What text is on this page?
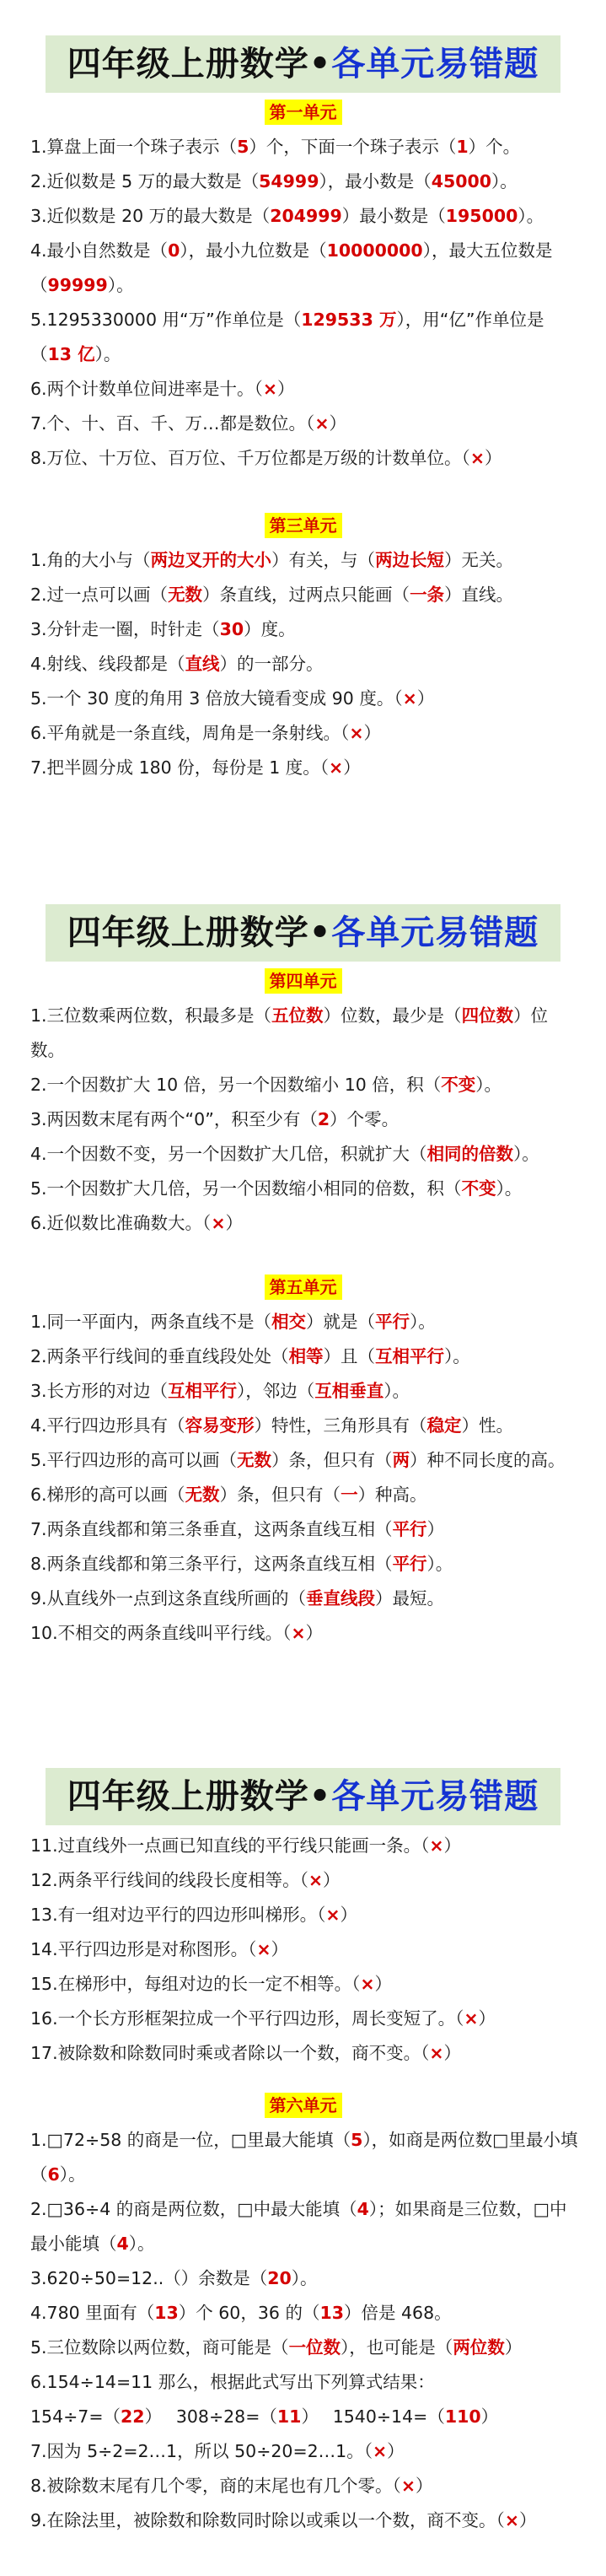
四年级上册数学•各单元易错题
第一单元

1.算盘上面一个珠子表示（5）个，下面一个珠子表示（1）个。

2.近似数是 5 万的最大数是（54999），最小数是（45000）。

3.近似数是 20 万的最大数是（204999）最小数是（195000）。

4.最小自然数是（0），最小九位数是（10000000），最大五位数是（99999）。

5.1295330000 用“万”作单位是（129533 万），用“亿”作单位是（13 亿）。

6.两个计数单位间进率是十。（×）

7.个、十、百、千、万…都是数位。（×）

8.万位、十万位、百万位、千万位都是万级的计数单位。（×）

第三单元

1.角的大小与（两边叉开的大小）有关，与（两边长短）无关。

2.过一点可以画（无数）条直线，过两点只能画（一条）直线。

3.分针走一圈，时针走（30）度。

4.射线、线段都是（直线）的一部分。

5.一个 30 度的角用 3 倍放大镜看变成 90 度。（×）

6.平角就是一条直线，周角是一条射线。（×）

7.把半圆分成 180 份，每份是 1 度。（×）

四年级上册数学•各单元易错题
第四单元

1.三位数乘两位数，积最多是（五位数）位数，最少是（四位数）位数。

2.一个因数扩大 10 倍，另一个因数缩小 10 倍，积（不变）。

3.两因数末尾有两个“0”，积至少有（2）个零。

4.一个因数不变，另一个因数扩大几倍，积就扩大（相同的倍数）。

5.一个因数扩大几倍，另一个因数缩小相同的倍数，积（不变）。

6.近似数比准确数大。（×）

第五单元

1.同一平面内，两条直线不是（相交）就是（平行）。

2.两条平行线间的垂直线段处处（相等）且（互相平行）。

3.长方形的对边（互相平行），邻边（互相垂直）。

4.平行四边形具有（容易变形）特性，三角形具有（稳定）性。

5.平行四边形的高可以画（无数）条，但只有（两）种不同长度的高。

6.梯形的高可以画（无数）条，但只有（一）种高。

7.两条直线都和第三条垂直，这两条直线互相（平行）

8.两条直线都和第三条平行，这两条直线互相（平行）。

9.从直线外一点到这条直线所画的（垂直线段）最短。

10.不相交的两条直线叫平行线。（×）

四年级上册数学•各单元易错题

11.过直线外一点画已知直线的平行线只能画一条。（×）

12.两条平行线间的线段长度相等。（×）

13.有一组对边平行的四边形叫梯形。（×）

14.平行四边形是对称图形。（×）

15.在梯形中，每组对边的长一定不相等。（×）

16.一个长方形框架拉成一个平行四边形，周长变短了。（×）

17.被除数和除数同时乘或者除以一个数，商不变。（×）

第六单元

1.□72÷58 的商是一位，□里最大能填（5），如商是两位数□里最小填（6）。

2.□36÷4 的商是两位数，□中最大能填（4）；如果商是三位数，□中最小能填（4）。

3.620÷50=12..（）余数是（20）。

4.780 里面有（13）个 60，36 的（13）倍是 468。

5.三位数除以两位数，商可能是（一位数），也可能是（两位数）

6.154÷14=11 那么，根据此式写出下列算式结果：

154÷7=（22）　 308÷28=（11）　 1540÷14=（110）

7.因为 5÷2=2…1，所以 50÷20=2…1。（×）

8.被除数末尾有几个零，商的末尾也有几个零。（×）

9.在除法里，被除数和除数同时除以或乘以一个数，商不变。（×）
